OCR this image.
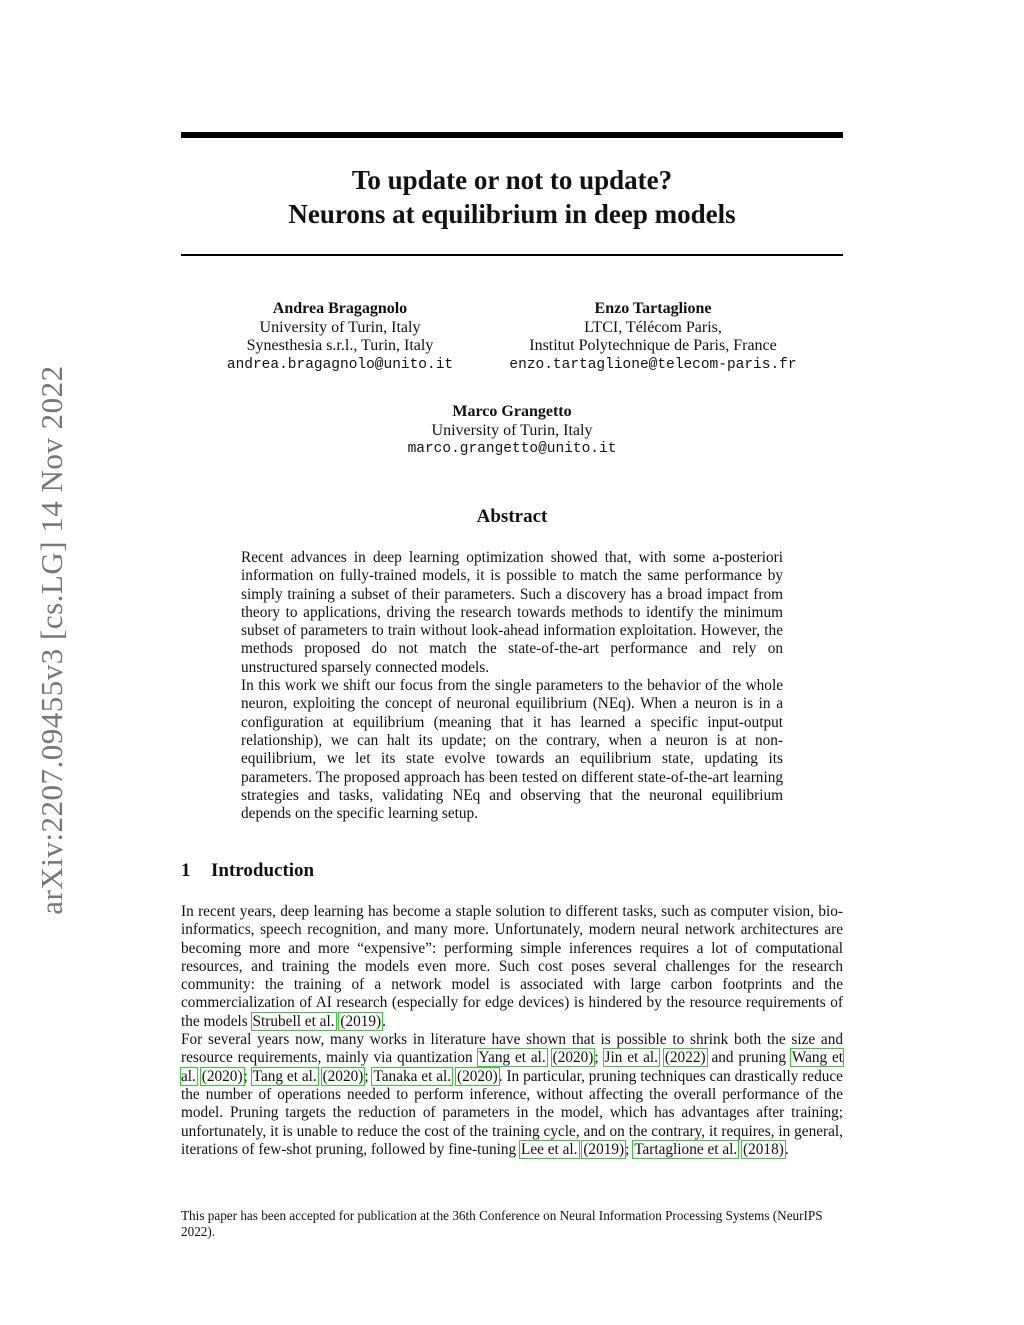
To update or not to update?
Neurons at equilibrium in deep models
Andrea Bragagnolo
University of Turin, Italy
Synesthesia s.r.l., Turin, Italy
andrea.bragagnolo@unito.it
Enzo Tartaglione
LTCI, Télécom Paris,
Institut Polytechnique de Paris, France
enzo.tartaglione@telecom-paris.fr
Marco Grangetto
University of Turin, Italy
marco.grangetto@unito.it
Abstract

Recent advances in deep learning optimization showed that, with some a-posteriori information on fully-trained models, it is possible to match the same performance by simply training a subset of their parameters. Such a discovery has a broad impact from theory to applications, driving the research towards methods to identify the minimum subset of parameters to train without look-ahead information exploitation. However, the methods proposed do not match the state-of-the-art performance and rely on unstructured sparsely connected models.

In this work we shift our focus from the single parameters to the behavior of the whole neuron, exploiting the concept of neuronal equilibrium (NEq). When a neuron is in a configuration at equilibrium (meaning that it has learned a specific input-output relationship), we can halt its update; on the contrary, when a neuron is at non-equilibrium, we let its state evolve towards an equilibrium state, updating its parameters. The proposed approach has been tested on different state-of-the-art learning strategies and tasks, validating NEq and observing that the neuronal equilibrium depends on the specific learning setup.

1 Introduction

In recent years, deep learning has become a staple solution to different tasks, such as computer vision, bio-informatics, speech recognition, and many more. Unfortunately, modern neural network architectures are becoming more and more “expensive”: performing simple inferences requires a lot of computational resources, and training the models even more. Such cost poses several challenges for the research community: the training of a network model is associated with large carbon footprints and the commercialization of AI research (especially for edge devices) is hindered by the resource requirements of the models Strubell et al. (2019).

For several years now, many works in literature have shown that is possible to shrink both the size and resource requirements, mainly via quantization Yang et al. (2020); Jin et al. (2022) and pruning Wang et al. (2020); Tang et al. (2020); Tanaka et al. (2020). In particular, pruning techniques can drastically reduce the number of operations needed to perform inference, without affecting the overall performance of the model. Pruning targets the reduction of parameters in the model, which has advantages after training; unfortunately, it is unable to reduce the cost of the training cycle, and on the contrary, it requires, in general, iterations of few-shot pruning, followed by fine-tuning Lee et al. (2019); Tartaglione et al. (2018).

This paper has been accepted for publication at the 36th Conference on Neural Information Processing Systems (NeurIPS 2022).
arXiv:2207.09455v3 [cs.LG] 14 Nov 2022
